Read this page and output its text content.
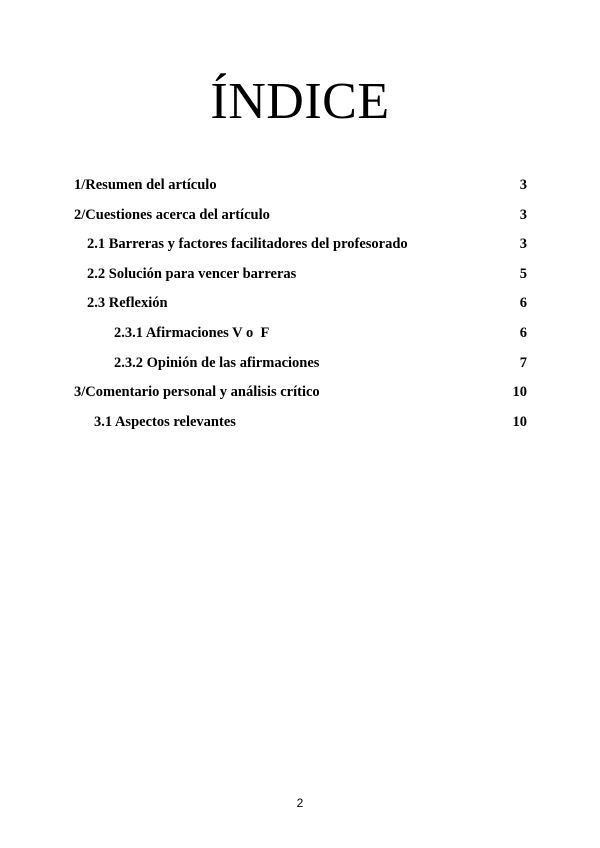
ÍNDICE
1/Resumen del artículo	3
2/Cuestiones acerca del artículo	3
2.1 Barreras y factores facilitadores del profesorado	3
2.2 Solución para vencer barreras	5
2.3 Reflexión	6
2.3.1 Afirmaciones V o  F	6
2.3.2 Opinión de las afirmaciones	7
3/Comentario personal y análisis crítico	10
3.1 Aspectos relevantes	10
2
